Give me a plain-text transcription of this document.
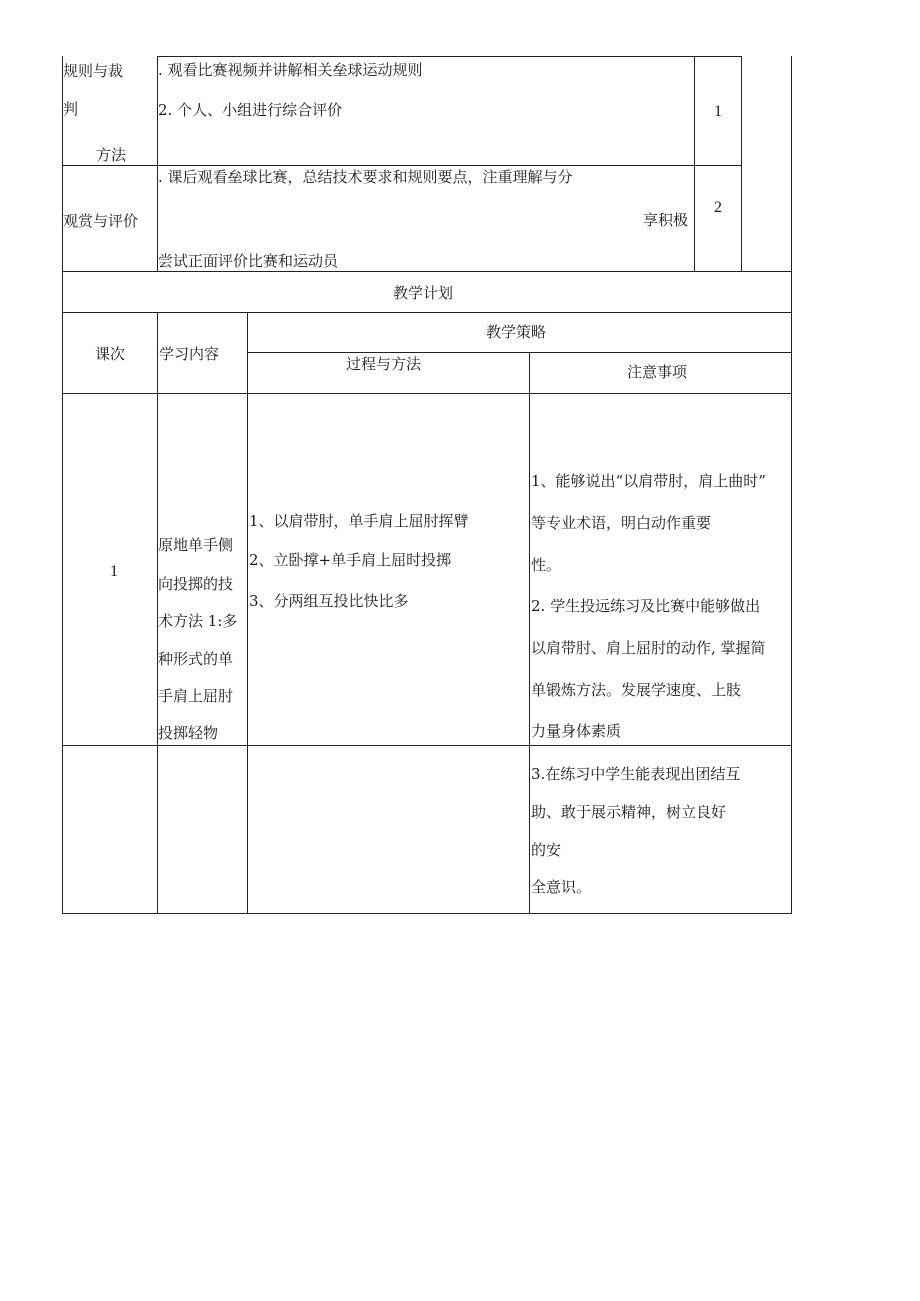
规则与裁
判
方法
. 观看比赛视频并讲解相关垒球运动规则
2. 个人、小组进行综合评价	1
观赏与评价
. 课后观看垒球比赛，总结技术要求和规则要点，注重理解与分
享积极
尝试正面评价比赛和运动员
2
教学计划
课次 学习内容
教学策略
过程与方法	注意事项
1
原地单手侧
向投掷的技
术方法 1:多
种形式的单
手肩上屈肘
投掷轻物
1、以肩带肘，单手肩上屈肘挥臂
2、立卧撑+单手肩上屈时投掷
3、分两组互投比快比多
1、能够说出“以肩带肘，肩上曲时”
等专业术语，明白动作重要
性。
2. 学生投远练习及比赛中能够做出
以肩带肘、肩上屈肘的动作, 掌握简
单锻炼方法。发展学速度、上肢
力量身体素质
3.在练习中学生能表现出团结互
助、敢于展示精神，树立良好
的安
全意识。
